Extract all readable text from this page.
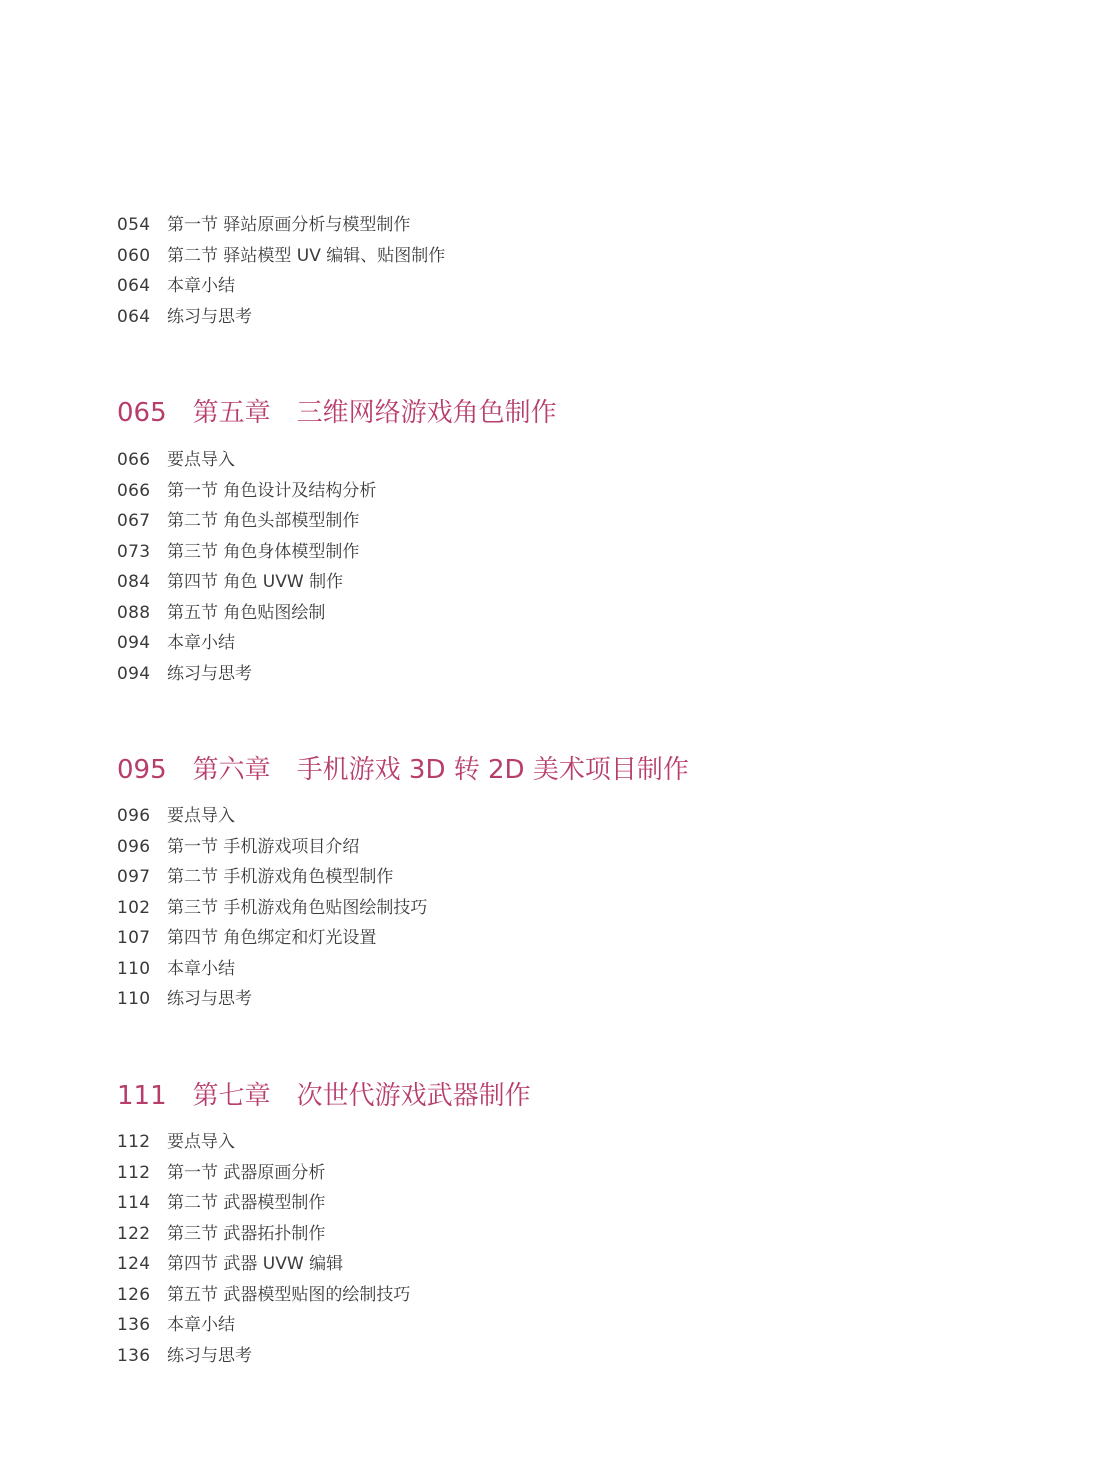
054 第一节 驿站原画分析与模型制作
060 第二节 驿站模型 UV 编辑、贴图制作
064 本章小结
064 练习与思考
065 第五章 三维网络游戏角色制作
066 要点导入
066 第一节 角色设计及结构分析
067 第二节 角色头部模型制作
073 第三节 角色身体模型制作
084 第四节 角色 UVW 制作
088 第五节 角色贴图绘制
094 本章小结
094 练习与思考
095 第六章 手机游戏 3D 转 2D 美术项目制作
096 要点导入
096 第一节 手机游戏项目介绍
097 第二节 手机游戏角色模型制作
102 第三节 手机游戏角色贴图绘制技巧
107 第四节 角色绑定和灯光设置
110 本章小结
110 练习与思考
111 第七章 次世代游戏武器制作
112 要点导入
112 第一节 武器原画分析
114 第二节 武器模型制作
122 第三节 武器拓扑制作
124 第四节 武器 UVW 编辑
126 第五节 武器模型贴图的绘制技巧
136 本章小结
136 练习与思考
